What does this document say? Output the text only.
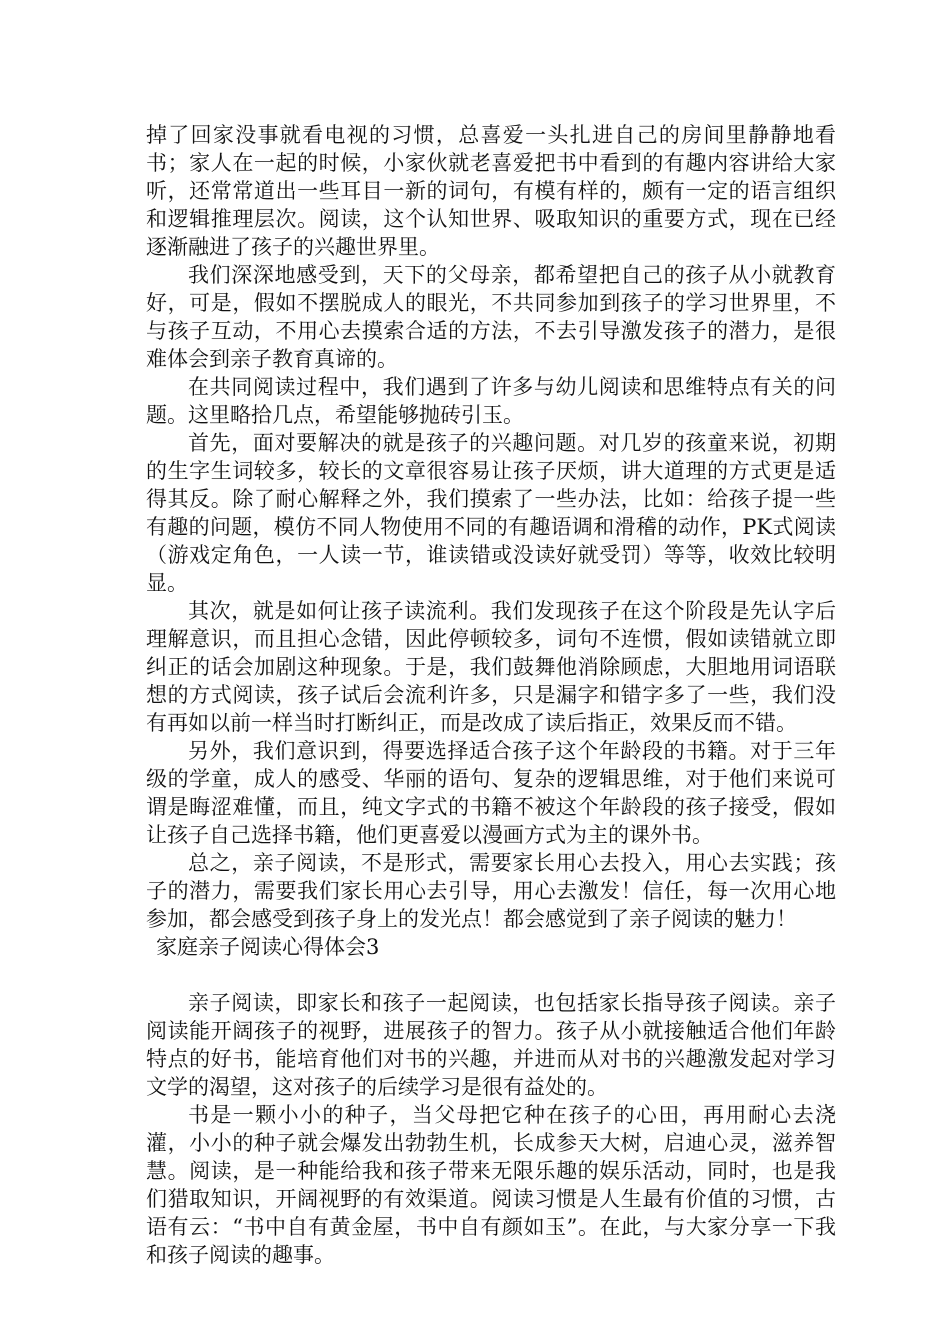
掉了回家没事就看电视的习惯，总喜爱一头扎进自己的房间里静静地看书；家人在一起的时候，小家伙就老喜爱把书中看到的有趣内容讲给大家听，还常常道出一些耳目一新的词句，有模有样的，颇有一定的语言组织和逻辑推理层次。阅读，这个认知世界、吸取知识的重要方式，现在已经逐渐融进了孩子的兴趣世界里。

我们深深地感受到，天下的父母亲，都希望把自己的孩子从小就教育好，可是，假如不摆脱成人的眼光，不共同参加到孩子的学习世界里，不与孩子互动，不用心去摸索合适的方法，不去引导激发孩子的潜力，是很难体会到亲子教育真谛的。

在共同阅读过程中，我们遇到了许多与幼儿阅读和思维特点有关的问题。这里略拾几点，希望能够抛砖引玉。

首先，面对要解决的就是孩子的兴趣问题。对几岁的孩童来说，初期的生字生词较多，较长的文章很容易让孩子厌烦，讲大道理的方式更是适得其反。除了耐心解释之外，我们摸索了一些办法，比如：给孩子提一些有趣的问题，模仿不同人物使用不同的有趣语调和滑稽的动作，PK式阅读（游戏定角色，一人读一节，谁读错或没读好就受罚）等等，收效比较明显。

其次，就是如何让孩子读流利。我们发现孩子在这个阶段是先认字后理解意识，而且担心念错，因此停顿较多，词句不连惯，假如读错就立即纠正的话会加剧这种现象。于是，我们鼓舞他消除顾虑，大胆地用词语联想的方式阅读，孩子试后会流利许多，只是漏字和错字多了一些，我们没有再如以前一样当时打断纠正，而是改成了读后指正，效果反而不错。

另外，我们意识到，得要选择适合孩子这个年龄段的书籍。对于三年级的学童，成人的感受、华丽的语句、复杂的逻辑思维，对于他们来说可谓是晦涩难懂，而且，纯文字式的书籍不被这个年龄段的孩子接受，假如让孩子自己选择书籍，他们更喜爱以漫画方式为主的课外书。

总之，亲子阅读，不是形式，需要家长用心去投入，用心去实践；孩子的潜力，需要我们家长用心去引导，用心去激发！信任，每一次用心地参加，都会感受到孩子身上的发光点！都会感觉到了亲子阅读的魅力！

家庭亲子阅读心得体会3

亲子阅读，即家长和孩子一起阅读，也包括家长指导孩子阅读。亲子阅读能开阔孩子的视野，进展孩子的智力。孩子从小就接触适合他们年龄特点的好书，能培育他们对书的兴趣，并进而从对书的兴趣激发起对学习文学的渴望，这对孩子的后续学习是很有益处的。

书是一颗小小的种子，当父母把它种在孩子的心田，再用耐心去浇灌，小小的种子就会爆发出勃勃生机，长成参天大树，启迪心灵，滋养智慧。阅读，是一种能给我和孩子带来无限乐趣的娱乐活动，同时，也是我们猎取知识，开阔视野的有效渠道。阅读习惯是人生最有价值的习惯，古语有云：“书中自有黄金屋，书中自有颜如玉”。在此，与大家分享一下我和孩子阅读的趣事。
